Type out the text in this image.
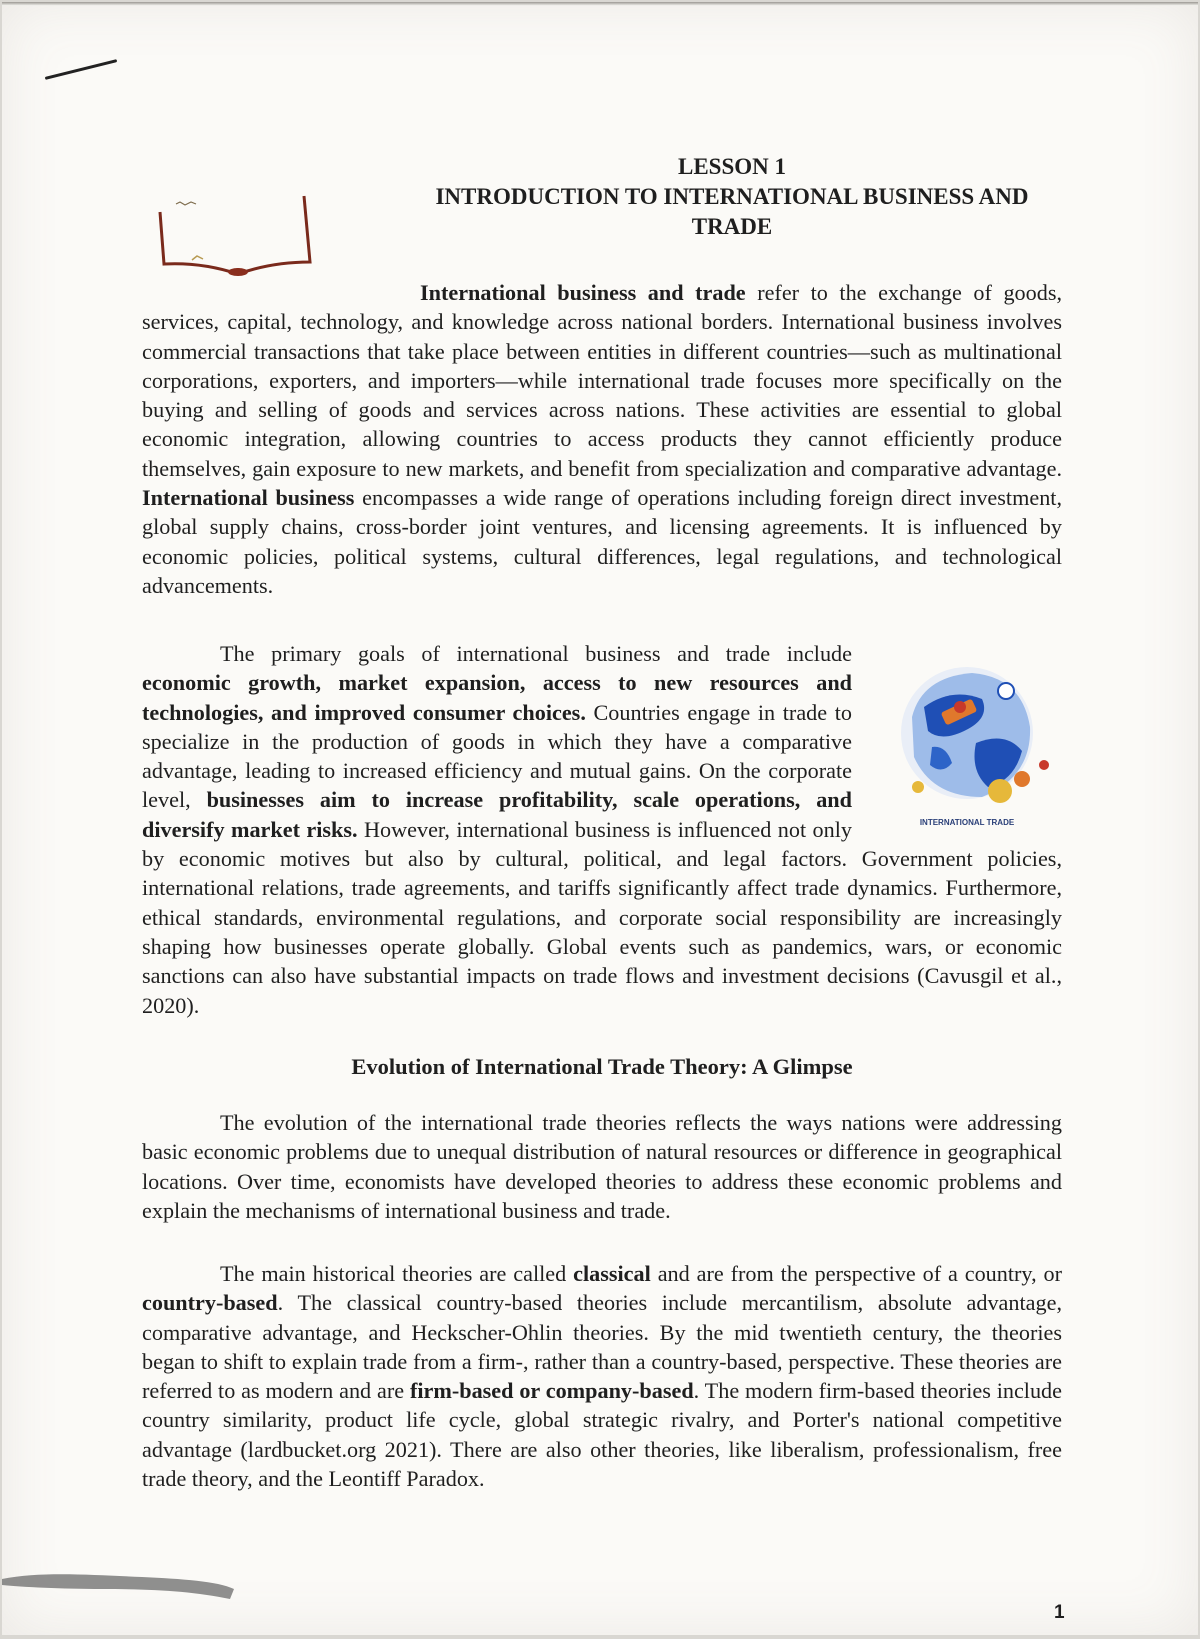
LESSON 1
INTRODUCTION TO INTERNATIONAL BUSINESS AND TRADE

International business and trade refer to the exchange of goods, services, capital, technology, and knowledge across national borders. International business involves commercial transactions that take place between entities in different countries—such as multinational corporations, exporters, and importers—while international trade focuses more specifically on the buying and selling of goods and services across nations. These activities are essential to global economic integration, allowing countries to access products they cannot efficiently produce themselves, gain exposure to new markets, and benefit from specialization and comparative advantage. International business encompasses a wide range of operations including foreign direct investment, global supply chains, cross-border joint ventures, and licensing agreements. It is influenced by economic policies, political systems, cultural differences, legal regulations, and technological advancements.

INTERNATIONAL TRADE
The primary goals of international business and trade include economic growth, market expansion, access to new resources and technologies, and improved consumer choices. Countries engage in trade to specialize in the production of goods in which they have a comparative advantage, leading to increased efficiency and mutual gains. On the corporate level, businesses aim to increase profitability, scale operations, and diversify market risks. However, international business is influenced not only by economic motives but also by cultural, political, and legal factors. Government policies, international relations, trade agreements, and tariffs significantly affect trade dynamics. Furthermore, ethical standards, environmental regulations, and corporate social responsibility are increasingly shaping how businesses operate globally. Global events such as pandemics, wars, or economic sanctions can also have substantial impacts on trade flows and investment decisions (Cavusgil et al., 2020).

Evolution of International Trade Theory: A Glimpse

The evolution of the international trade theories reflects the ways nations were addressing basic economic problems due to unequal distribution of natural resources or difference in geographical locations. Over time, economists have developed theories to address these economic problems and explain the mechanisms of international business and trade.

The main historical theories are called classical and are from the perspective of a country, or country-based. The classical country-based theories include mercantilism, absolute advantage, comparative advantage, and Heckscher-Ohlin theories. By the mid twentieth century, the theories began to shift to explain trade from a firm-, rather than a country-based, perspective. These theories are referred to as modern and are firm-based or company-based. The modern firm-based theories include country similarity, product life cycle, global strategic rivalry, and Porter's national competitive advantage (lardbucket.org 2021). There are also other theories, like liberalism, professionalism, free trade theory, and the Leontiff Paradox.

1
